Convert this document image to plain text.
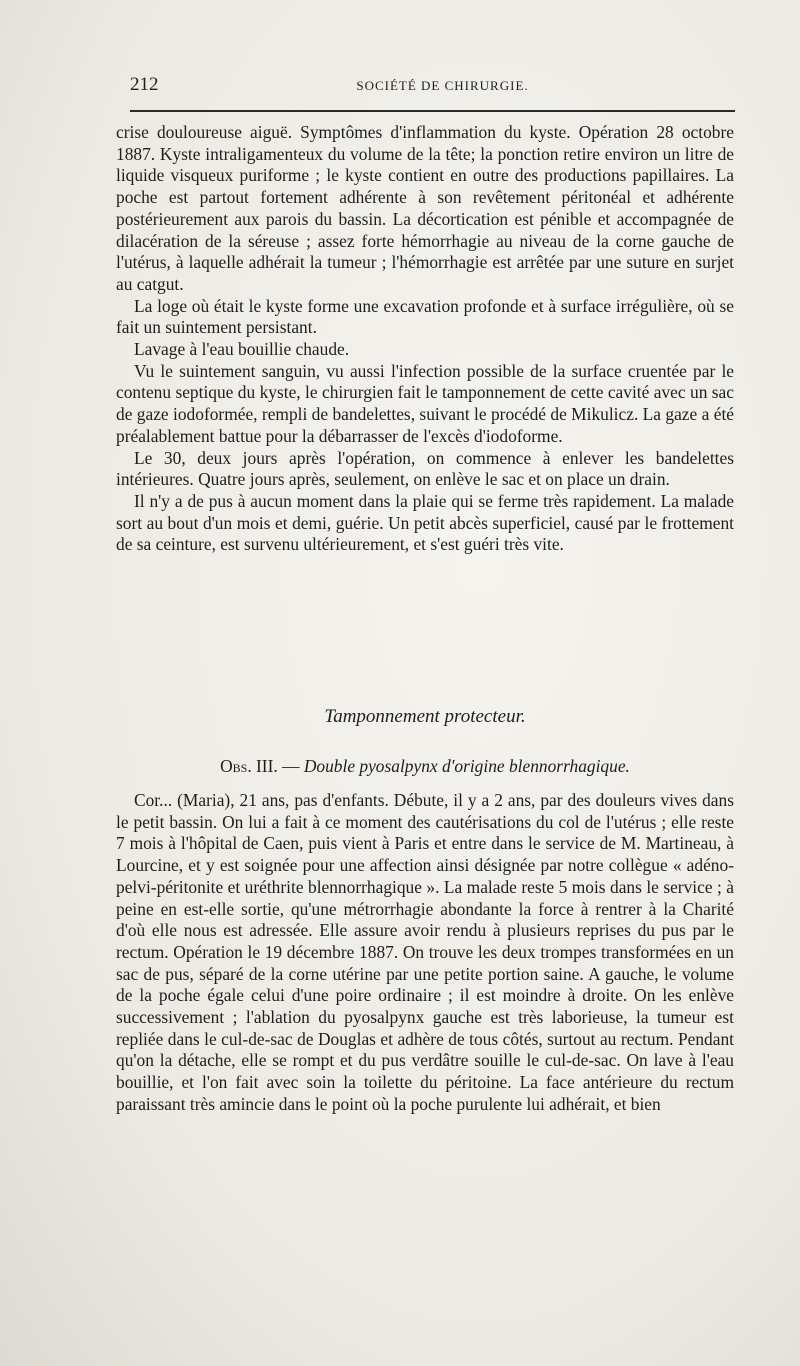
212	SOCIÉTÉ DE CHIRURGIE.

crise douloureuse aiguë. Symptômes d'inflammation du kyste. Opération 28 octobre 1887. Kyste intraligamenteux du volume de la tête; la ponction retire environ un litre de liquide visqueux puriforme ; le kyste contient en outre des productions papillaires. La poche est partout fortement adhérente à son revêtement péritonéal et adhérente postérieurement aux parois du bassin. La décortication est pénible et accompagnée de dilacération de la séreuse ; assez forte hémorrhagie au niveau de la corne gauche de l'utérus, à laquelle adhérait la tumeur ; l'hémorrhagie est arrêtée par une suture en surjet au catgut.

La loge où était le kyste forme une excavation profonde et à surface irrégulière, où se fait un suintement persistant.

Lavage à l'eau bouillie chaude.

Vu le suintement sanguin, vu aussi l'infection possible de la surface cruentée par le contenu septique du kyste, le chirurgien fait le tamponnement de cette cavité avec un sac de gaze iodoformée, rempli de bandelettes, suivant le procédé de Mikulicz. La gaze a été préalablement battue pour la débarrasser de l'excès d'iodoforme.

Le 30, deux jours après l'opération, on commence à enlever les bandelettes intérieures. Quatre jours après, seulement, on enlève le sac et on place un drain.

Il n'y a de pus à aucun moment dans la plaie qui se ferme très rapidement. La malade sort au bout d'un mois et demi, guérie. Un petit abcès superficiel, causé par le frottement de sa ceinture, est survenu ultérieurement, et s'est guéri très vite.

Tamponnement protecteur.
Obs. III. — Double pyosalpynx d'origine blennorrhagique.

Cor... (Maria), 21 ans, pas d'enfants. Débute, il y a 2 ans, par des douleurs vives dans le petit bassin. On lui a fait à ce moment des cautérisations du col de l'utérus ; elle reste 7 mois à l'hôpital de Caen, puis vient à Paris et entre dans le service de M. Martineau, à Lourcine, et y est soignée pour une affection ainsi désignée par notre collègue « adéno-pelvi-péritonite et uréthrite blennorrhagique ». La malade reste 5 mois dans le service ; à peine en est-elle sortie, qu'une métrorrhagie abondante la force à rentrer à la Charité d'où elle nous est adressée. Elle assure avoir rendu à plusieurs reprises du pus par le rectum. Opération le 19 décembre 1887. On trouve les deux trompes transformées en un sac de pus, séparé de la corne utérine par une petite portion saine. A gauche, le volume de la poche égale celui d'une poire ordinaire ; il est moindre à droite. On les enlève successivement ; l'ablation du pyosalpynx gauche est très laborieuse, la tumeur est repliée dans le cul-de-sac de Douglas et adhère de tous côtés, surtout au rectum. Pendant qu'on la détache, elle se rompt et du pus verdâtre souille le cul-de-sac. On lave à l'eau bouillie, et l'on fait avec soin la toilette du péritoine. La face antérieure du rectum paraissant très amincie dans le point où la poche purulente lui adhérait, et bien
